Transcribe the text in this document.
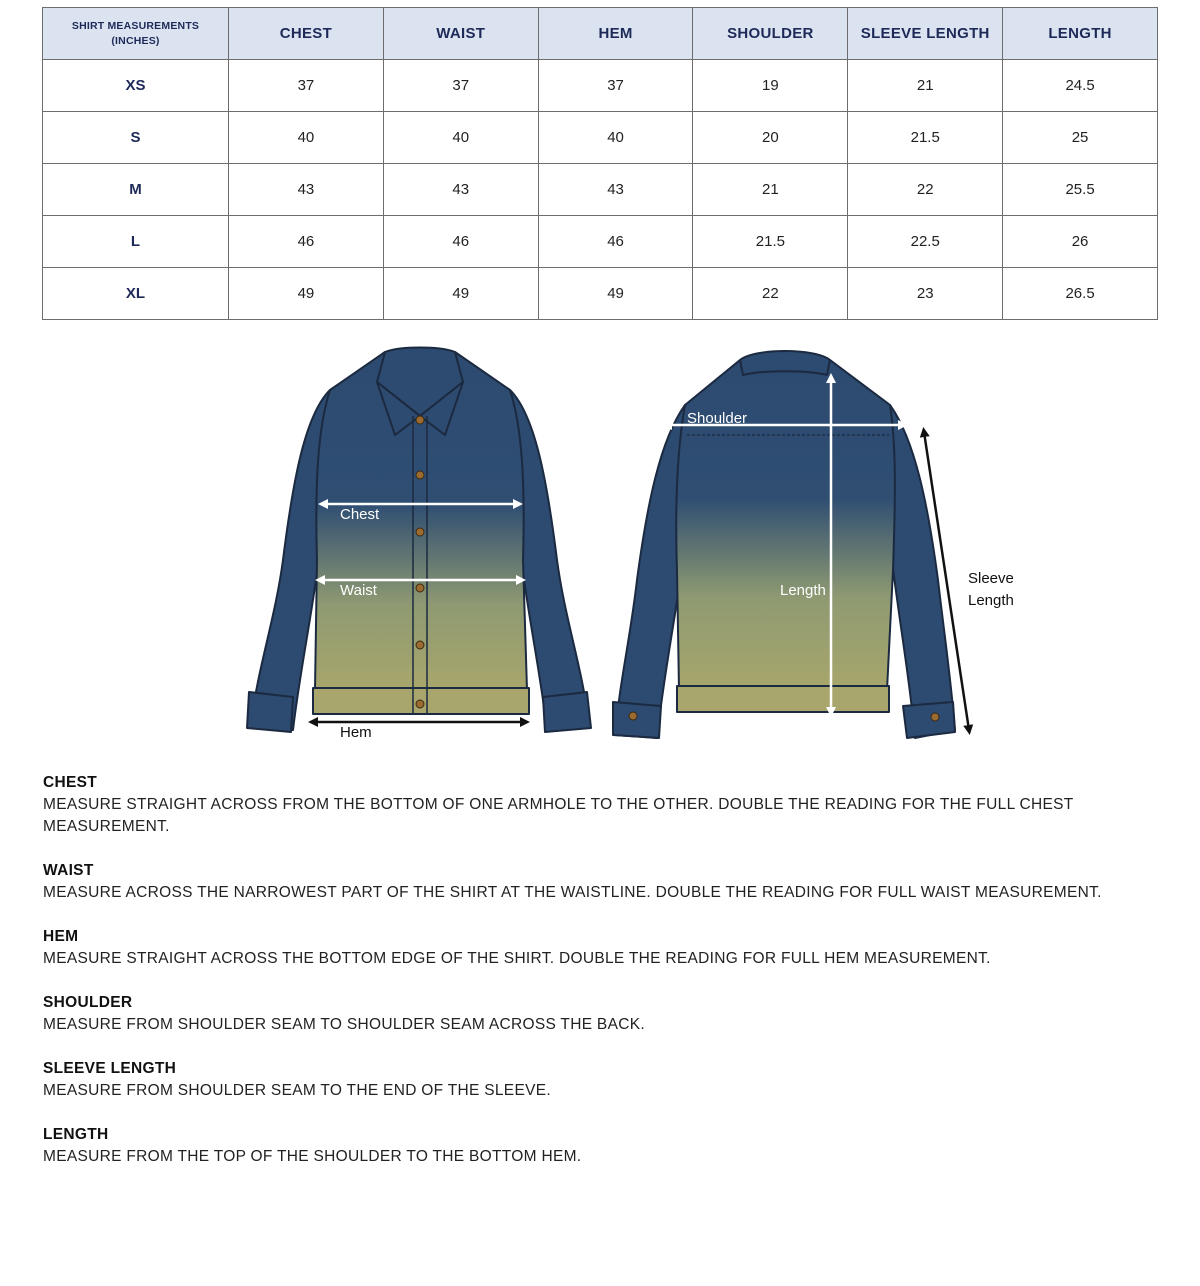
SHIRT MEASUREMENTS
(INCHES)	CHEST	WAIST	HEM	SHOULDER	SLEEVE LENGTH	LENGTH
XS	37	37	37	19	21	24.5
S	40	40	40	20	21.5	25
M	43	43	43	21	22	25.5
L	46	46	46	21.5	22.5	26
XL	49	49	49	22	23	26.5
Chest
Waist
Hem
Shoulder
Length
Sleeve
Length
CHEST
MEASURE STRAIGHT ACROSS FROM THE BOTTOM OF ONE ARMHOLE TO THE OTHER. DOUBLE THE READING FOR THE FULL CHEST MEASUREMENT.
WAIST
MEASURE ACROSS THE NARROWEST PART OF THE SHIRT AT THE WAISTLINE. DOUBLE THE READING FOR FULL WAIST MEASUREMENT.
HEM
MEASURE STRAIGHT ACROSS THE BOTTOM EDGE OF THE SHIRT. DOUBLE THE READING FOR FULL HEM MEASUREMENT.
SHOULDER
MEASURE FROM SHOULDER SEAM TO SHOULDER SEAM ACROSS THE BACK.
SLEEVE LENGTH
MEASURE FROM SHOULDER SEAM TO THE END OF THE SLEEVE.
LENGTH
MEASURE FROM THE TOP OF THE SHOULDER TO THE BOTTOM HEM.
